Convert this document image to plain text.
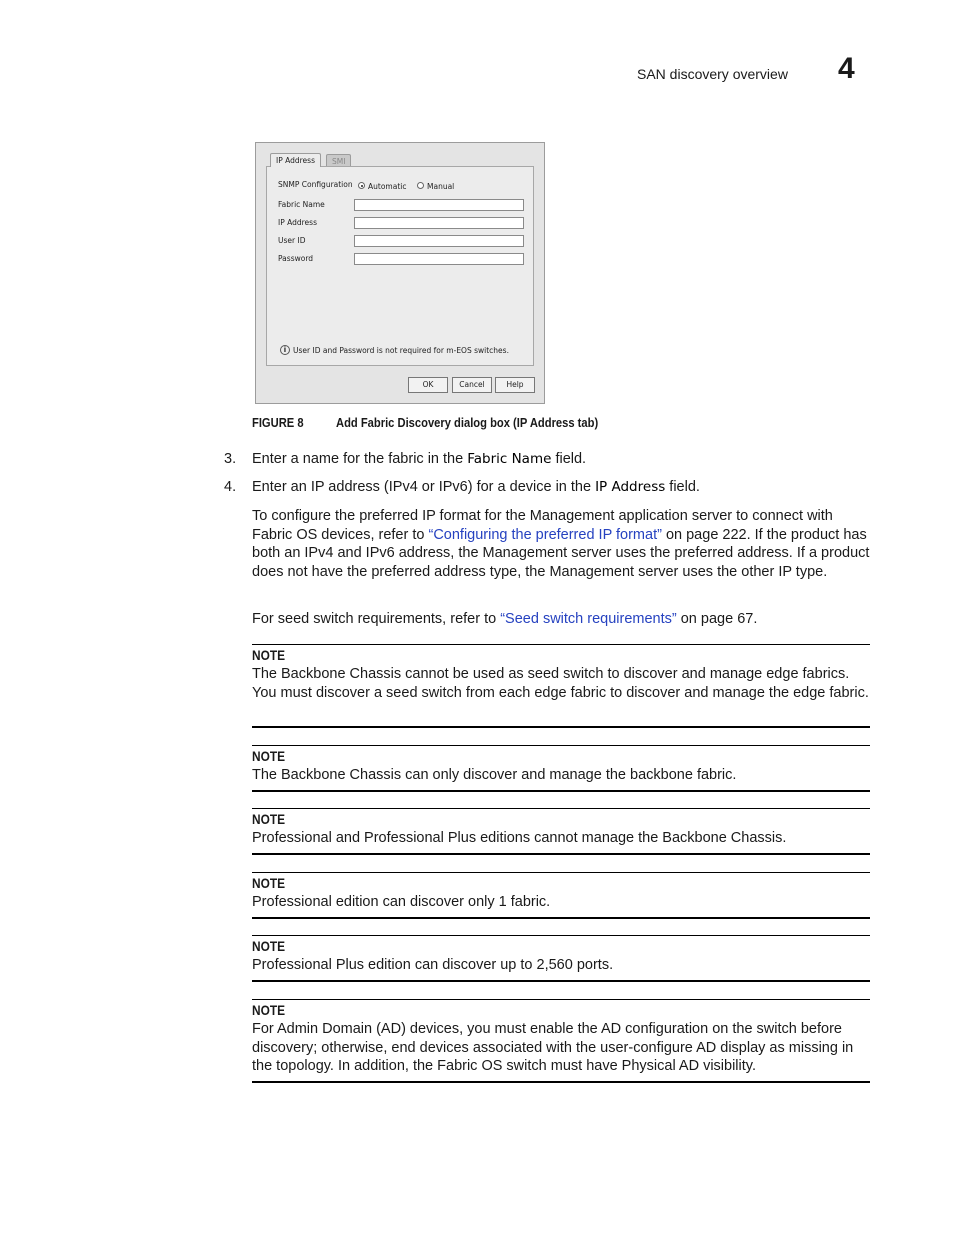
SAN discovery overview 4
IP Address	SMI
SNMP Configuration Automatic	Manual
Fabric Name
IP Address
User ID
Password
i User ID and Password is not required for m-EOS switches.
OK	Cancel	Help
FIGURE 8 Add Fabric Discovery dialog box (IP Address tab)
3. Enter a name for the fabric in the Fabric Name field.
4. Enter an IP address (IPv4 or IPv6) for a device in the IP Address field.
To configure the preferred IP format for the Management application server to connect with Fabric OS devices, refer to “Configuring the preferred IP format” on page 222. If the product has both an IPv4 and IPv6 address, the Management server uses the preferred address. If a product does not have the preferred address type, the Management server uses the other IP type.
For seed switch requirements, refer to “Seed switch requirements” on page 67.
NOTE
The Backbone Chassis cannot be used as seed switch to discover and manage edge fabrics. You must discover a seed switch from each edge fabric to discover and manage the edge fabric.
NOTE
The Backbone Chassis can only discover and manage the backbone fabric.
NOTE
Professional and Professional Plus editions cannot manage the Backbone Chassis.
NOTE
Professional edition can discover only 1 fabric.
NOTE
Professional Plus edition can discover up to 2,560 ports.
NOTE
For Admin Domain (AD) devices, you must enable the AD configuration on the switch before discovery; otherwise, end devices associated with the user-configure AD display as missing in the topology. In addition, the Fabric OS switch must have Physical AD visibility.
